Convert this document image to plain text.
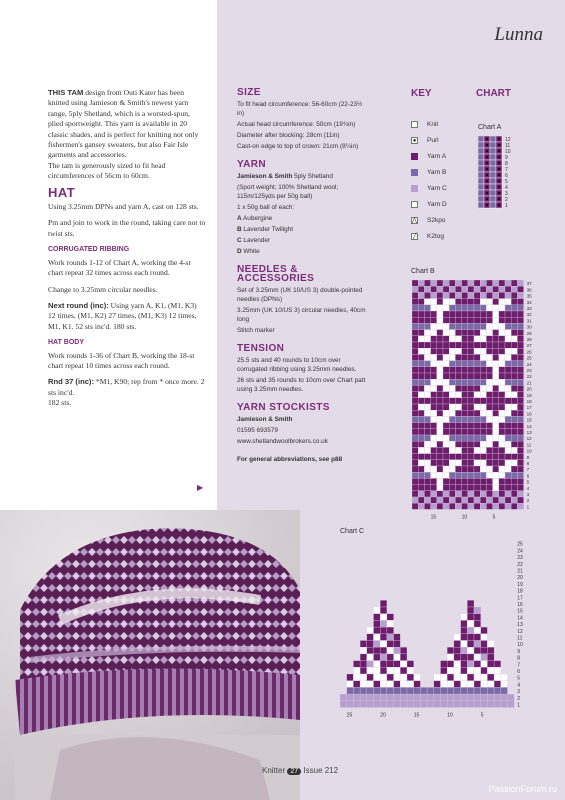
Lunna

THIS TAM design from Outi Kater has been knitted using Jamieson & Smith's newest yarn range, 5ply Shetland, which is a worsted-spun, plied sportweight. This yarn is available in 20 classic shades, and is perfect for knitting not only fishermen's gansey sweaters, but also Fair Isle garments and accessories.
The tam is generously sized to fit head circumferences of 56cm to 60cm.

HAT

Using 3.25mm DPNs and yarn A, cast on 128 sts.

Pm and join to work in the round, taking care not to twist sts.

CORRUGATED RIBBING

Work rounds 1-12 of Chart A, working the 4-st chart repeat 32 times across each round.

Change to 3.25mm circular needles.

Next round (inc): Using yarn A, K1, (M1, K3) 12 times, (M1, K2) 27 times, (M1, K3) 12 times, M1, K1. 52 sts inc'd. 180 sts.

HAT BODY

Work rounds 1-36 of Chart B, working the 18-st chart repeat 10 times across each round.

Rnd 37 (inc): *M1, K90; rep from * once more. 2 sts inc'd.

182 sts.

▶
SIZE

To fit head circumference: 56-60cm (22-23½ in)

Actual head circumference: 50cm (19¾in)

Diameter after blocking: 28cm (11in)

Cast-on edge to top of crown: 21cm (8¼in)

YARN

Jamieson & Smith 5ply Shetland

(Sport weight; 100% Shetland wool; 115m/125yds per 50g ball)

1 x 50g ball of each:

A Aubergine

B Lavender Twilight

C Lavender

D White

NEEDLES & ACCESSORIES

Set of 3.25mm (UK 10/US 3) double-pointed needles (DPNs)

3.25mm (UK 10/US 3) circular needles, 40cm long

Stitch marker

TENSION

25.5 sts and 40 rounds to 10cm over corrugated ribbing using 3.25mm needles.

26 sts and 35 rounds to 10cm over Chart patt using 3.25mm needles.

YARN STOCKISTS

Jamieson & Smith

01595 693579

www.shetlandwoolbrokers.co.uk

For general abbreviations, see p88

KEY	CHART
Knit
● Purl
Yarn A
Yarn B
Yarn C
Yarn D
⋀ S2kpo
╱ K2tog
Chart A
Chart B
Chart C
12
11
10
9
8
7
6
5
4
3
2
1
37
36
35
34
33
32
31
30
29
28
27
26
25
24
23
22
21
20
19
18
17
16
15
14
13
12
11
10
9
8
7
6
5
4
3
2
1
15	10	5
25
24
23
22
21
20
19
18
17
16
15
14
13
12
11
10
9
8
7
6
5
4
3
2
1
25	20	15	10	5
Knitter 27 Issue 212
PassionForum.ru
